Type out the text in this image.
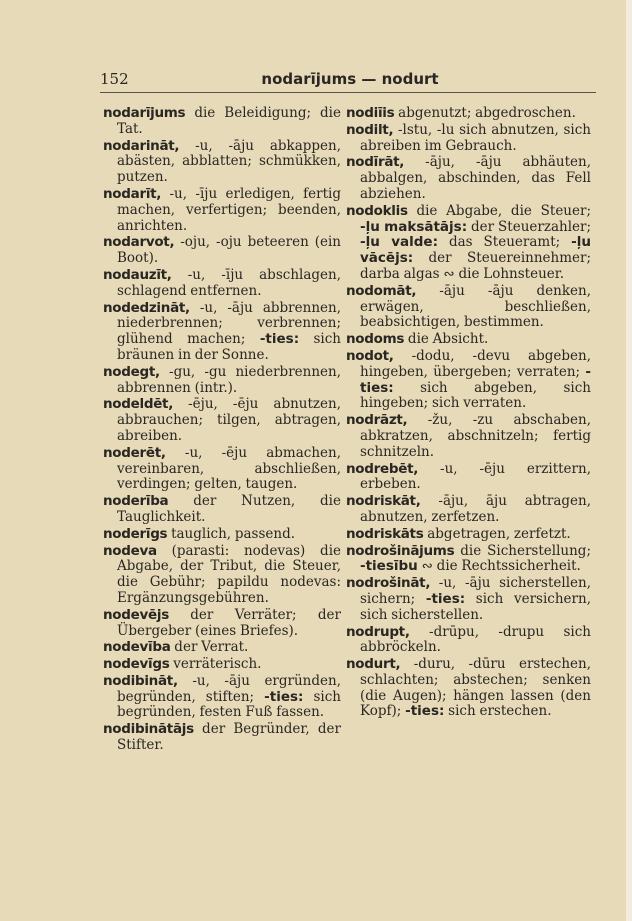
152	nodarījums — nodurt
nodarījums die Beleidigung; die Tat.
nodarināt, -u, -āju abkappen, abästen, abblatten; schmükken, putzen.
nodarīt, -u, -īju erledigen, fertig machen, verfertigen; beenden, anrichten.
nodarvot, -oju, -oju beteeren (ein Boot).
nodauzīt, -u, -īju abschlagen, schlagend entfernen.
nodedzināt, -u, -āju abbrennen, niederbrennen; verbrennen; glühend machen; -ties: sich bräunen in der Sonne.
nodegt, -gu, -gu niederbrennen, abbrennen (intr.).
nodeldēt, -ēju, -ēju abnutzen, abbrauchen; tilgen, abtragen, abreiben.
noderēt, -u, -ēju abmachen, vereinbaren, abschließen, verdingen; gelten, taugen.
noderība der Nutzen, die Tauglichkeit.
noderīgs tauglich, passend.
nodeva (parasti: nodevas) die Abgabe, der Tribut, die Steuer, die Gebühr; papildu nodevas: Ergänzungsgebühren.
nodevējs der Verräter; der Übergeber (eines Briefes).
nodevība der Verrat.
nodevīgs verräterisch.
nodibināt, -u, -āju ergründen, begründen, stiften; -ties: sich begründen, festen Fuß fassen.
nodibinātājs der Begründer, der Stifter.
nodiīis abgenutzt; abgedroschen.
nodilt, -lstu, -lu sich abnutzen, sich abreiben im Gebrauch.
nodīrāt, -āju, -āju abhäuten, abbalgen, abschinden, das Fell abziehen.
nodoklis die Abgabe, die Steuer; -ļu maksātājs: der Steuerzahler; -ļu valde: das Steueramt; -ļu vācējs: der Steuereinnehmer; darba algas ∾ die Lohnsteuer.
nodomāt, -āju -āju denken, erwägen, beschließen, beabsichtigen, bestimmen.
nodoms die Absicht.
nodot, -dodu, -devu abgeben, hingeben, übergeben; verraten; -ties: sich abgeben, sich hingeben; sich verraten.
nodrāzt, -žu, -zu abschaben, abkratzen, abschnitzeln; fertig schnitzeln.
nodrebēt, -u, -ēju erzittern, erbeben.
nodriskāt, -āju, āju abtragen, abnutzen, zerfetzen.
nodriskāts abgetragen, zerfetzt.
nodrošinājums die Sicherstellung; -tiesību ∾ die Rechtssicherheit.
nodrošināt, -u, -āju sicherstellen, sichern; -ties: sich versichern, sich sicherstellen.
nodrupt, -drūpu, -drupu sich abbröckeln.
nodurt, -duru, -dūru erstechen, schlachten; abstechen; senken (die Augen); hängen lassen (den Kopf); -ties: sich erstechen.
